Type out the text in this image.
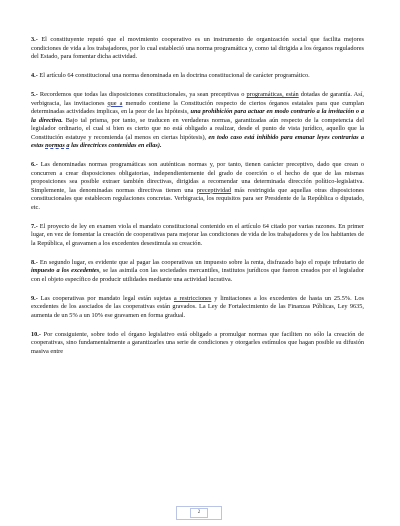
3.- El constituyente reputó que el movimiento cooperativo es un instrumento de organización social que facilita mejores condiciones de vida a los trabajadores, por lo cual estableció una norma programática y, como tal dirigida a los órganos reguladores del Estado, para fomentar dicha actividad.

4.- El artículo 64 constitucional una norma denominada en la doctrina constitucional de carácter programático.

5.- Recordemos que todas las disposiciones constitucionales, ya sean preceptivas o programáticas, están dotadas de garantía. Así, verbigracia, las invitaciones que a menudo contiene la Constitución respecto de ciertos órganos estatales para que cumplan determinadas actividades implicas, en la peor de las hipótesis, una prohibición para actuar en modo contrario a la invitación o a la directiva. Bajo tal prisma, por tanto, se traducen en verdaderas normas, garantizadas aún respecto de la competencia del legislador ordinario, el cual si bien es cierto que no está obligado a realizar, desde el punto de vista jurídico, aquello que la Constitución estatuye y recomienda (al menos en ciertas hipótesis), en todo caso está inhibido para emanar leyes contrarias a estas normas a las directrices contenidas en ellas).

6.- Las denominadas normas programáticas son auténticas normas y, por tanto, tienen carácter preceptivo, dado que crean o concurren a crear disposiciones obligatorias, independientemente del grado de coerción o el hecho de que de las mismas proposiciones sea posible extraer también directivas, dirigidas a recomendar una determinada dirección político-legislativa. Simplemente, las denominadas normas directivas tienen una preceptividad más restringida que aquellas otras disposiciones constitucionales que establecen regulaciones concretas. Verbigracia, los requisitos para ser Presidente de la República o diputado, etc.

7.- El proyecto de ley en examen viola el mandato constitucional contenido en el artículo 64 citado por varias razones. En primer lugar, en vez de fomentar la creación de cooperativas para mejorar las condiciones de vida de los trabajadores y de los habitantes de la República, el gravamen a los excedentes desestimula su creación.

8.- En segundo lugar, es evidente que al pagar las cooperativas un impuesto sobre la renta, disfrazado bajo el ropaje tributario de impuesto a los excedentes, se las asimila con las sociedades mercantiles, institutos jurídicos que fueron creados por el legislador con el objeto específico de producir utilidades mediante una actividad lucrativa.

9.- Las cooperativas por mandato legal están sujetas a restricciones y limitaciones a los excedentes de hasta un 25.5%. Los excedentes de los asociados de las cooperativas están gravados. La Ley de Fortalecimiento de las Finanzas Públicas, Ley 9635, aumenta de un 5% a un 10% ese gravamen en forma gradual.

10.- Por consiguiente, sobre todo el órgano legislativo está obligado a promulgar normas que faciliten no sólo la creación de cooperativas, sino fundamentalmente a garantizarles una serie de condiciones y otorgarles estímulos que hagan posible su difusión masiva entre

2
